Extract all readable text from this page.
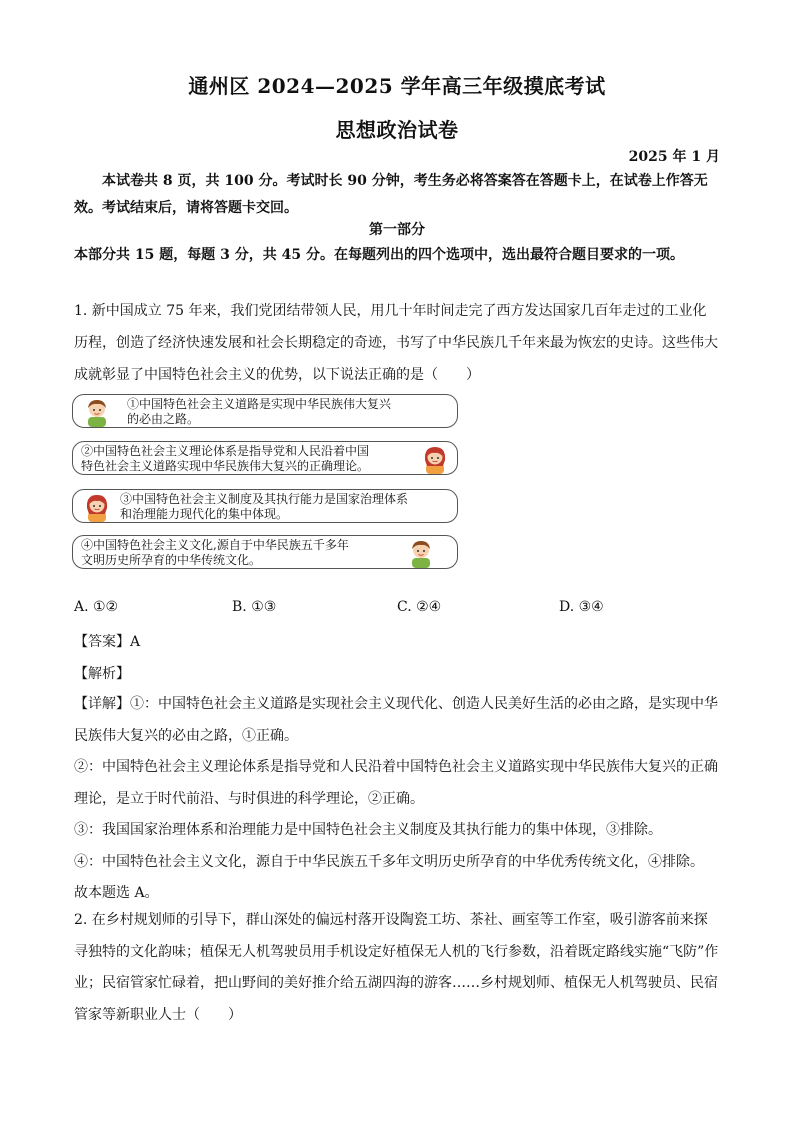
通州区 2024—2025 学年高三年级摸底考试
思想政治试卷
2025 年 1 月
本试卷共 8 页，共 100 分。考试时长 90 分钟，考生务必将答案答在答题卡上，在试卷上作答无效。考试结束后，请将答题卡交回。
第一部分
本部分共 15 题，每题 3 分，共 45 分。在每题列出的四个选项中，选出最符合题目要求的一项。
1. 新中国成立 75 年来，我们党团结带领人民，用几十年时间走完了西方发达国家几百年走过的工业化历程，创造了经济快速发展和社会长期稳定的奇迹，书写了中华民族几千年来最为恢宏的史诗。这些伟大成就彰显了中国特色社会主义的优势，以下说法正确的是（　　）
①中国特色社会主义道路是实现中华民族伟大复兴
的必由之路。
②中国特色社会主义理论体系是指导党和人民沿着中国
特色社会主义道路实现中华民族伟大复兴的正确理论。
③中国特色社会主义制度及其执行能力是国家治理体系
和治理能力现代化的集中体现。
④中国特色社会主义文化,源自于中华民族五千多年
文明历史所孕育的中华传统文化。
A. ①②	B. ①③	C. ②④	D. ③④
【答案】A
【解析】
【详解】①：中国特色社会主义道路是实现社会主义现代化、创造人民美好生活的必由之路，是实现中华民族伟大复兴的必由之路，①正确。
②：中国特色社会主义理论体系是指导党和人民沿着中国特色社会主义道路实现中华民族伟大复兴的正确理论，是立于时代前沿、与时俱进的科学理论，②正确。
③：我国国家治理体系和治理能力是中国特色社会主义制度及其执行能力的集中体现，③排除。
④：中国特色社会主义文化，源自于中华民族五千多年文明历史所孕育的中华优秀传统文化，④排除。
故本题选 A。
2. 在乡村规划师的引导下，群山深处的偏远村落开设陶瓷工坊、茶社、画室等工作室，吸引游客前来探寻独特的文化韵味；植保无人机驾驶员用手机设定好植保无人机的飞行参数，沿着既定路线实施“飞防”作业；民宿管家忙碌着，把山野间的美好推介给五湖四海的游客……乡村规划师、植保无人机驾驶员、民宿管家等新职业人士（　　）
